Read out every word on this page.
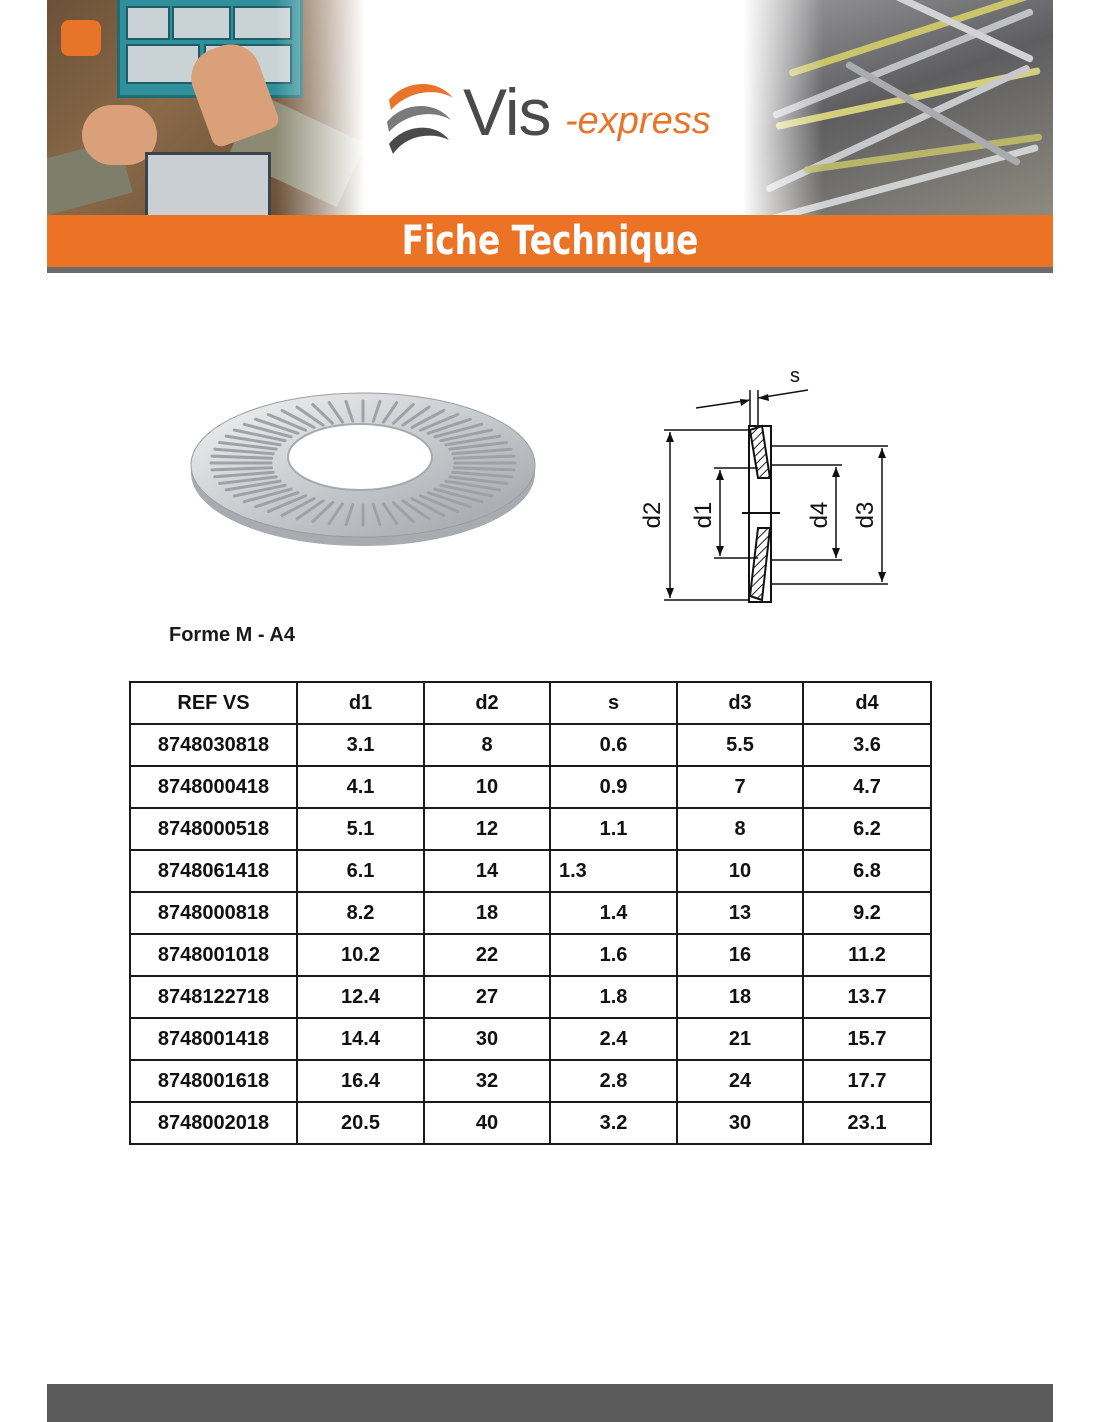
Vis -express
Fiche Technique
s
d2 d1	d4 d3
Forme M - A4
REF VS	d1	d2	s	d3	d4
8748030818	3.1	8	0.6	5.5	3.6
8748000418	4.1	10	0.9	7	4.7
8748000518	5.1	12	1.1	8	6.2
8748061418	6.1	14	1.3	10	6.8
8748000818	8.2	18	1.4	13	9.2
8748001018	10.2	22	1.6	16	11.2
8748122718	12.4	27	1.8	18	13.7
8748001418	14.4	30	2.4	21	15.7
8748001618	16.4	32	2.8	24	17.7
8748002018	20.5	40	3.2	30	23.1
